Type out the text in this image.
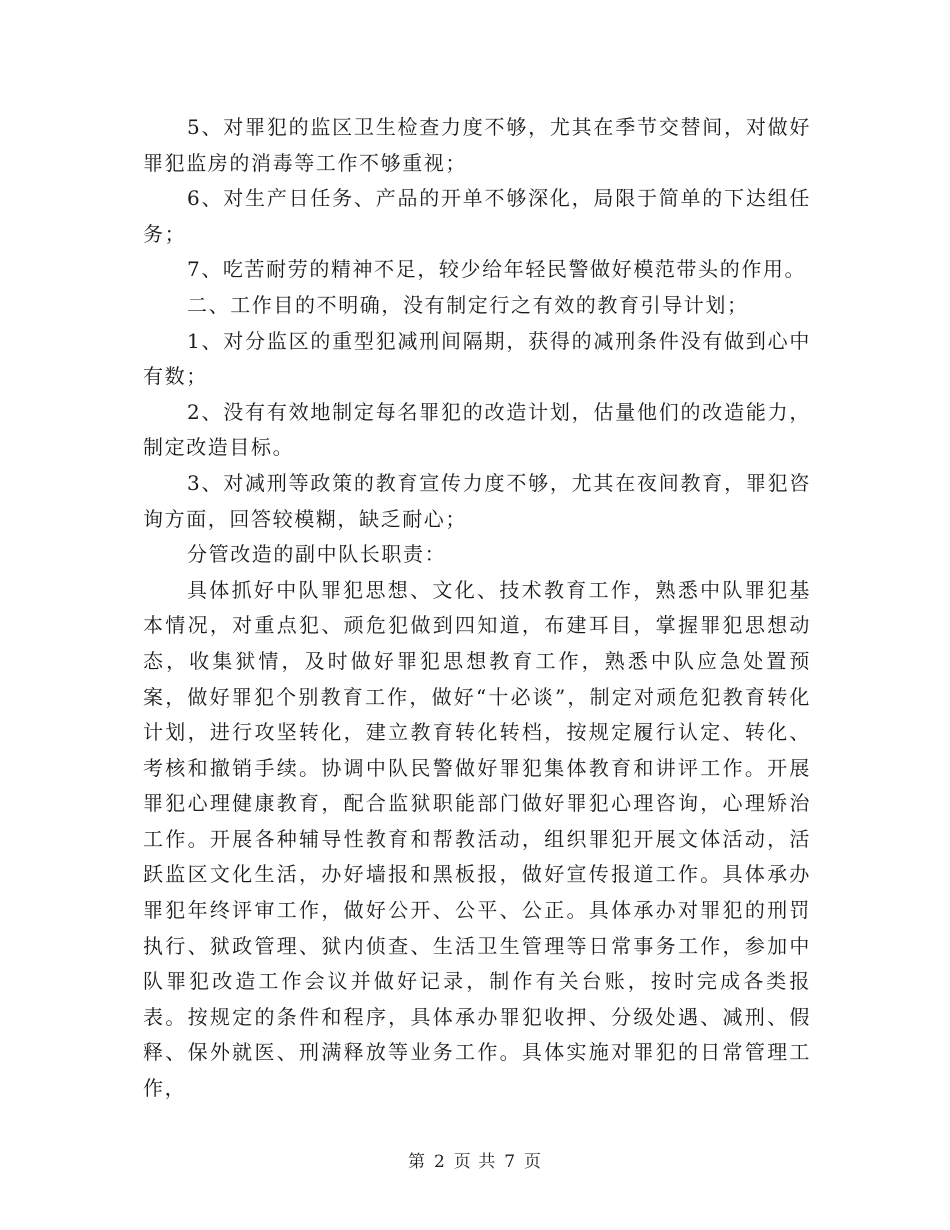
5、对罪犯的监区卫生检查力度不够，尤其在季节交替间，对做好罪犯监房的消毒等工作不够重视；

6、对生产日任务、产品的开单不够深化，局限于简单的下达组任务；

7、吃苦耐劳的精神不足，较少给年轻民警做好模范带头的作用。

二、工作目的不明确，没有制定行之有效的教育引导计划；

1、对分监区的重型犯减刑间隔期，获得的减刑条件没有做到心中有数；

2、没有有效地制定每名罪犯的改造计划，估量他们的改造能力，制定改造目标。

3、对减刑等政策的教育宣传力度不够，尤其在夜间教育，罪犯咨询方面，回答较模糊，缺乏耐心；

分管改造的副中队长职责：

具体抓好中队罪犯思想、文化、技术教育工作，熟悉中队罪犯基本情况，对重点犯、顽危犯做到四知道，布建耳目，掌握罪犯思想动态，收集狱情，及时做好罪犯思想教育工作，熟悉中队应急处置预案，做好罪犯个别教育工作，做好“十必谈”，制定对顽危犯教育转化计划，进行攻坚转化，建立教育转化转档，按规定履行认定、转化、考核和撤销手续。协调中队民警做好罪犯集体教育和讲评工作。开展罪犯心理健康教育，配合监狱职能部门做好罪犯心理咨询，心理矫治工作。开展各种辅导性教育和帮教活动，组织罪犯开展文体活动，活跃监区文化生活，办好墙报和黑板报，做好宣传报道工作。具体承办罪犯年终评审工作，做好公开、公平、公正。具体承办对罪犯的刑罚执行、狱政管理、狱内侦查、生活卫生管理等日常事务工作，参加中队罪犯改造工作会议并做好记录，制作有关台账，按时完成各类报表。按规定的条件和程序，具体承办罪犯收押、分级处遇、减刑、假释、保外就医、刑满释放等业务工作。具体实施对罪犯的日常管理工作，

第 2 页 共 7 页
